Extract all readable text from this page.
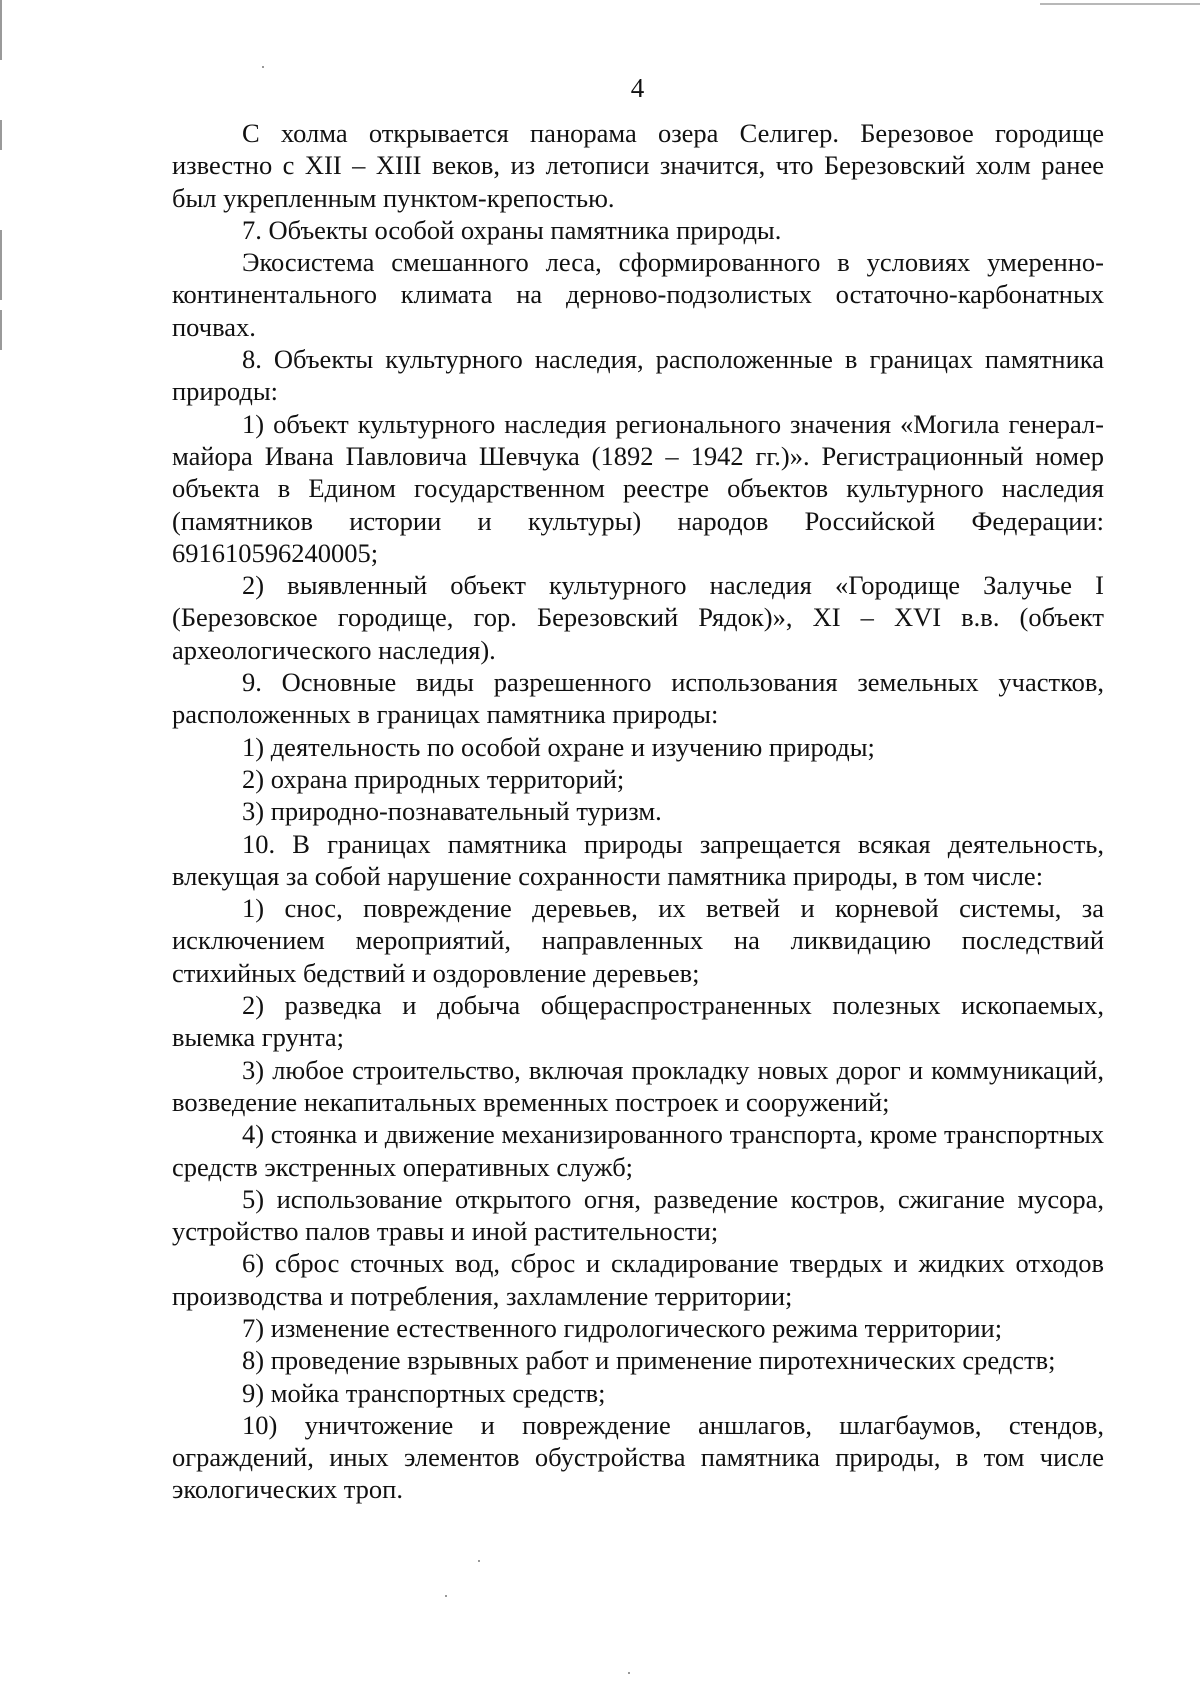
4

С холма открывается панорама озера Селигер. Березовое городище известно с XII – XIII веков, из летописи значится, что Березовский холм ранее был укрепленным пунктом-крепостью.

7. Объекты особой охраны памятника природы.

Экосистема смешанного леса, сформированного в условиях умеренно-континентального климата на дерново-подзолистых остаточно-карбонатных почвах.

8. Объекты культурного наследия, расположенные в границах памятника природы:

1) объект культурного наследия регионального значения «Могила генерал-майора Ивана Павловича Шевчука (1892 – 1942 гг.)». Регистрационный номер объекта в Едином государственном реестре объектов культурного наследия (памятников истории и культуры) народов Российской Федерации: 691610596240005;

2) выявленный объект культурного наследия «Городище Залучье I (Березовское городище, гор. Березовский Рядок)», XI – XVI в.в. (объект археологического наследия).

9. Основные виды разрешенного использования земельных участков, расположенных в границах памятника природы:

1) деятельность по особой охране и изучению природы;

2) охрана природных территорий;

3) природно-познавательный туризм.

10. В границах памятника природы запрещается всякая деятельность, влекущая за собой нарушение сохранности памятника природы, в том числе:

1) снос, повреждение деревьев, их ветвей и корневой системы, за исключением мероприятий, направленных на ликвидацию последствий стихийных бедствий и оздоровление деревьев;

2) разведка и добыча общераспространенных полезных ископаемых, выемка грунта;

3) любое строительство, включая прокладку новых дорог и коммуникаций, возведение некапитальных временных построек и сооружений;

4) стоянка и движение механизированного транспорта, кроме транспортных средств экстренных оперативных служб;

5) использование открытого огня, разведение костров, сжигание мусора, устройство палов травы и иной растительности;

6) сброс сточных вод, сброс и складирование твердых и жидких отходов производства и потребления, захламление территории;

7) изменение естественного гидрологического режима территории;

8) проведение взрывных работ и применение пиротехнических средств;

9) мойка транспортных средств;

10) уничтожение и повреждение аншлагов, шлагбаумов, стендов, ограждений, иных элементов обустройства памятника природы, в том числе экологических троп.
